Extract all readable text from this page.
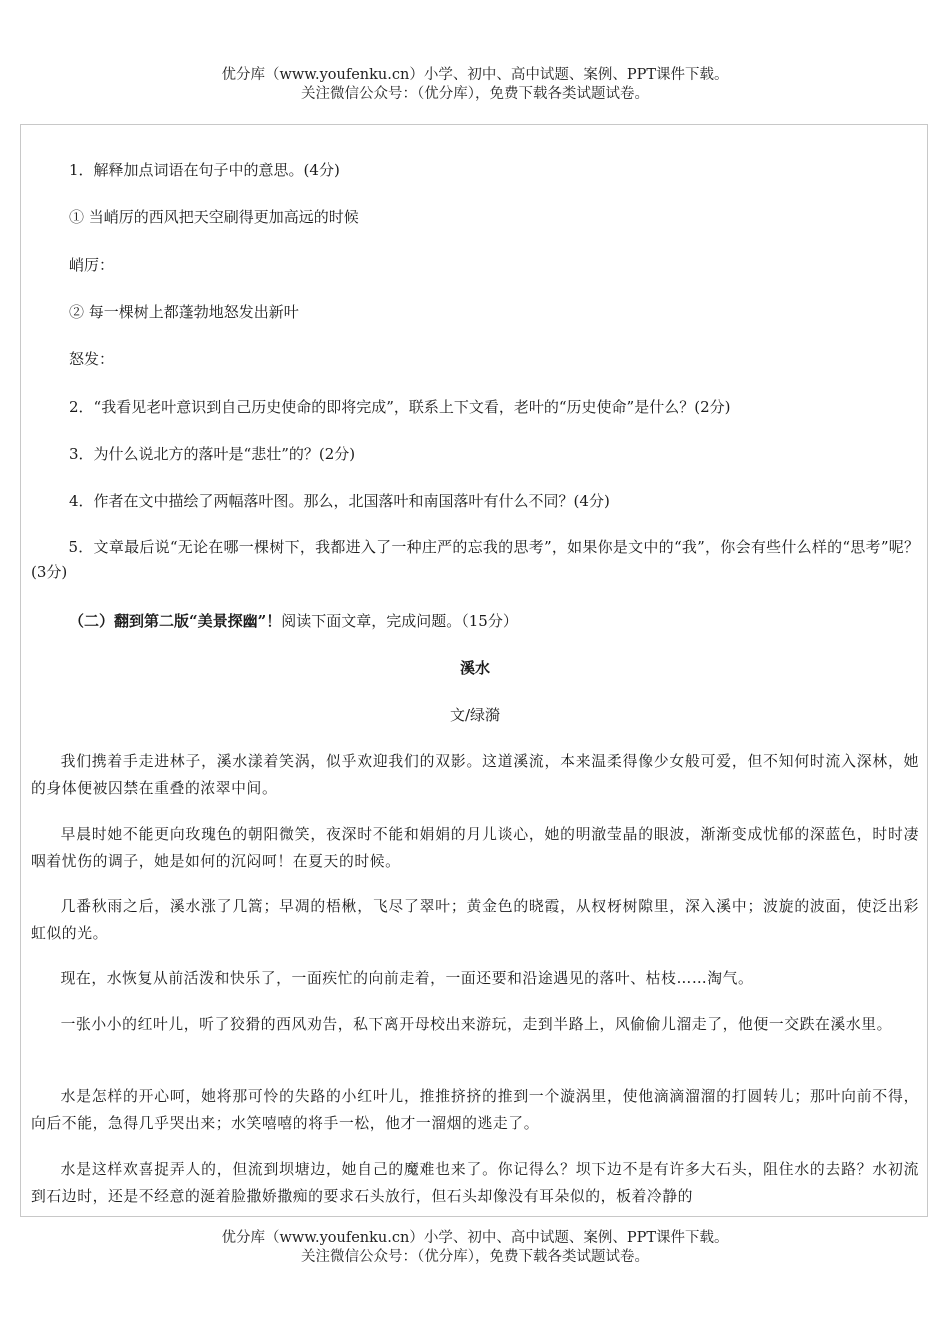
优分库（www.youfenku.cn）小学、初中、高中试题、案例、PPT课件下载。

关注微信公众号：（优分库），免费下载各类试题试卷。

1．解释加点词语在句子中的意思。(4分)

① 当峭厉的西风把天空刷得更加高远的时候

峭厉：

② 每一棵树上都蓬勃地怒发出新叶

怒发：

2．“我看见老叶意识到自己历史使命的即将完成”，联系上下文看，老叶的“历史使命”是什么？(2分)

3．为什么说北方的落叶是“悲壮”的？(2分)

4．作者在文中描绘了两幅落叶图。那么，北国落叶和南国落叶有什么不同？(4分)

5．文章最后说“无论在哪一棵树下，我都进入了一种庄严的忘我的思考”，如果你是文中的“我”，你会有些什么样的“思考”呢？(3分)

（二）翻到第二版“美景探幽”！阅读下面文章，完成问题。（15分）

溪水

文/绿漪

我们携着手走进林子，溪水漾着笑涡，似乎欢迎我们的双影。这道溪流，本来温柔得像少女般可爱，但不知何时流入深林，她的身体便被囚禁在重叠的浓翠中间。

早晨时她不能更向玫瑰色的朝阳微笑，夜深时不能和娟娟的月儿谈心，她的明澈莹晶的眼波，渐渐变成忧郁的深蓝色，时时凄咽着忧伤的调子，她是如何的沉闷呵！在夏天的时候。

几番秋雨之后，溪水涨了几篙；早凋的梧楸，飞尽了翠叶；黄金色的晓霞，从杈枒树隙里，深入溪中；波旋的波面，使泛出彩虹似的光。

现在，水恢复从前活泼和快乐了，一面疾忙的向前走着，一面还要和沿途遇见的落叶、枯枝……淘气。

一张小小的红叶儿，听了狡猾的西风劝告，私下离开母校出来游玩，走到半路上，风偷偷儿溜走了，他便一交跌在溪水里。

水是怎样的开心呵，她将那可怜的失路的小红叶儿，推推挤挤的推到一个漩涡里，使他滴滴溜溜的打圆转儿；那叶向前不得，向后不能，急得几乎哭出来；水笑嘻嘻的将手一松，他才一溜烟的逃走了。

水是这样欢喜捉弄人的，但流到坝塘边，她自己的魔难也来了。你记得么？坝下边不是有许多大石头，阻住水的去路？水初流到石边时，还是不经意的涎着脸撒娇撒痴的要求石头放行，但石头却像没有耳朵似的，板着冷静的

优分库（www.youfenku.cn）小学、初中、高中试题、案例、PPT课件下载。

关注微信公众号：（优分库），免费下载各类试题试卷。
